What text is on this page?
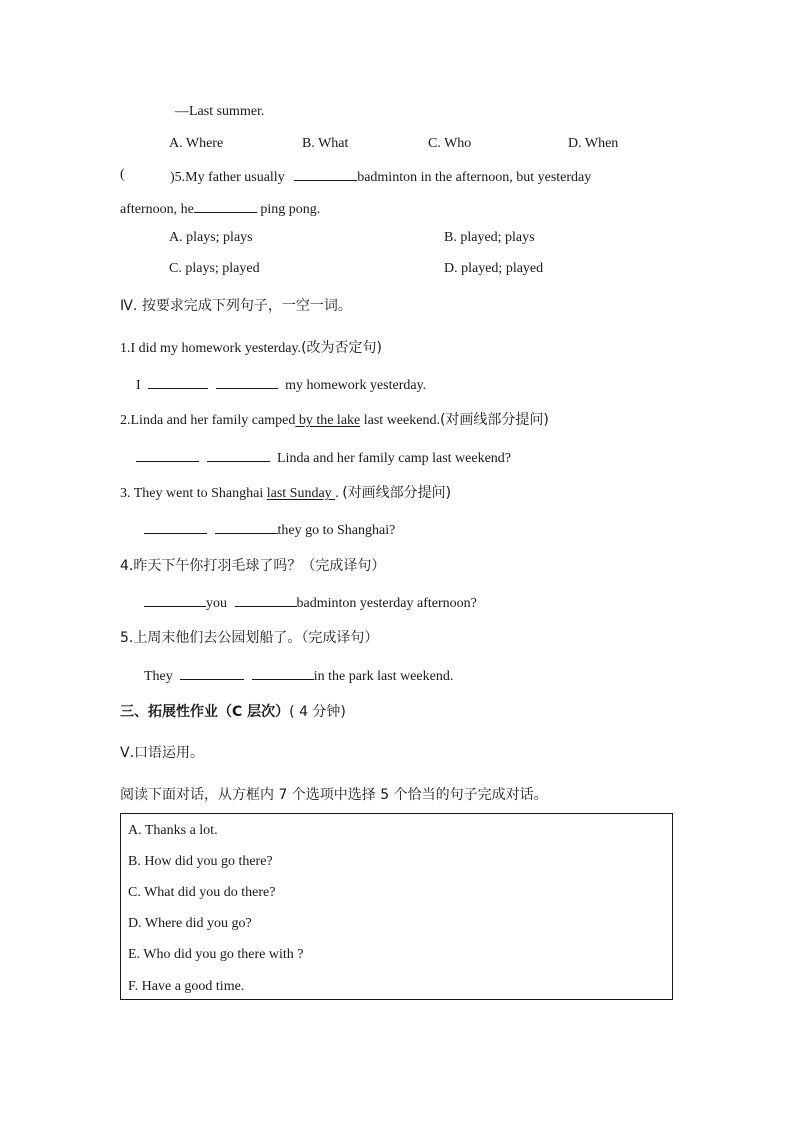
—Last summer.
A. Where	B. What	C. Who	D. When
(	)5.My father usually	badminton in the afternoon, but yesterday
afternoon, he	ping pong.
A. plays; plays	B. played; plays
C. plays; played	D. played; played
Ⅳ. 按要求完成下列句子，一空一词。
1.I did my homework yesterday.(改为否定句)
I	my homework yesterday.
2.Linda and her family camped by the lake last weekend.(对画线部分提问)
Linda and her family camp last weekend?
3. They went to Shanghai last Sunday . (对画线部分提问)
they go to Shanghai?
4.昨天下午你打羽毛球了吗？（完成译句）
you	badminton yesterday afternoon?
5.上周末他们去公园划船了。（完成译句）
They	in the park last weekend.
三、拓展性作业（C 层次）( 4 分钟)
Ⅴ.口语运用。
阅读下面对话，从方框内 7 个选项中选择 5 个恰当的句子完成对话。
A. Thanks a lot.
B. How did you go there?
C. What did you do there?
D. Where did you go?
E. Who did you go there with ?
F. Have a good time.
